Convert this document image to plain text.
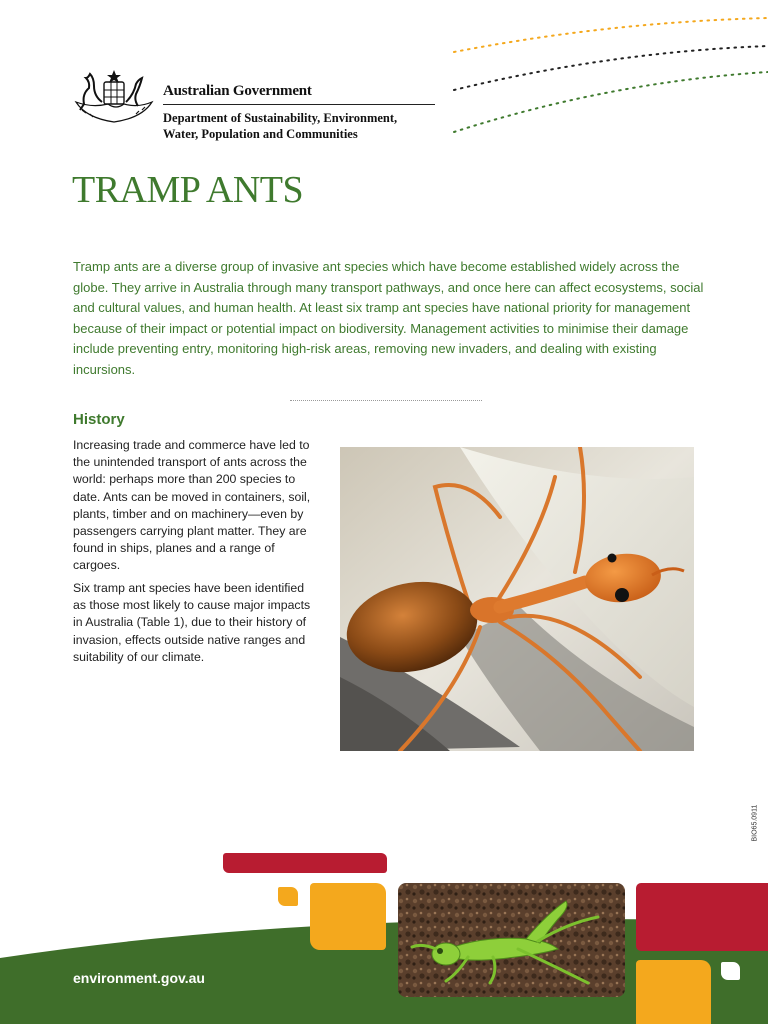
Australian Government
Department of Sustainability, Environment,
Water, Population and Communities
TRAMP ANTS
Tramp ants are a diverse group of invasive ant species which have become established widely across the globe. They arrive in Australia through many transport pathways, and once here can affect ecosystems, social and cultural values, and human health. At least six tramp ant species have national priority for management because of their impact or potential impact on biodiversity. Management activities to minimise their damage include preventing entry, monitoring high-risk areas, removing new invaders, and dealing with existing incursions.
History
Increasing trade and commerce have led to the unintended transport of ants across the world: perhaps more than 200 species to date. Ants can be moved in containers, soil, plants, timber and on machinery—even by passengers carrying plant matter. They are found in ships, planes and a range of cargoes.
Six tramp ant species have been identified as those most likely to cause major impacts in Australia (Table 1), due to their history of invasion, effects outside native ranges and suitability of our climate.
BIO65.0911
environment.gov.au
